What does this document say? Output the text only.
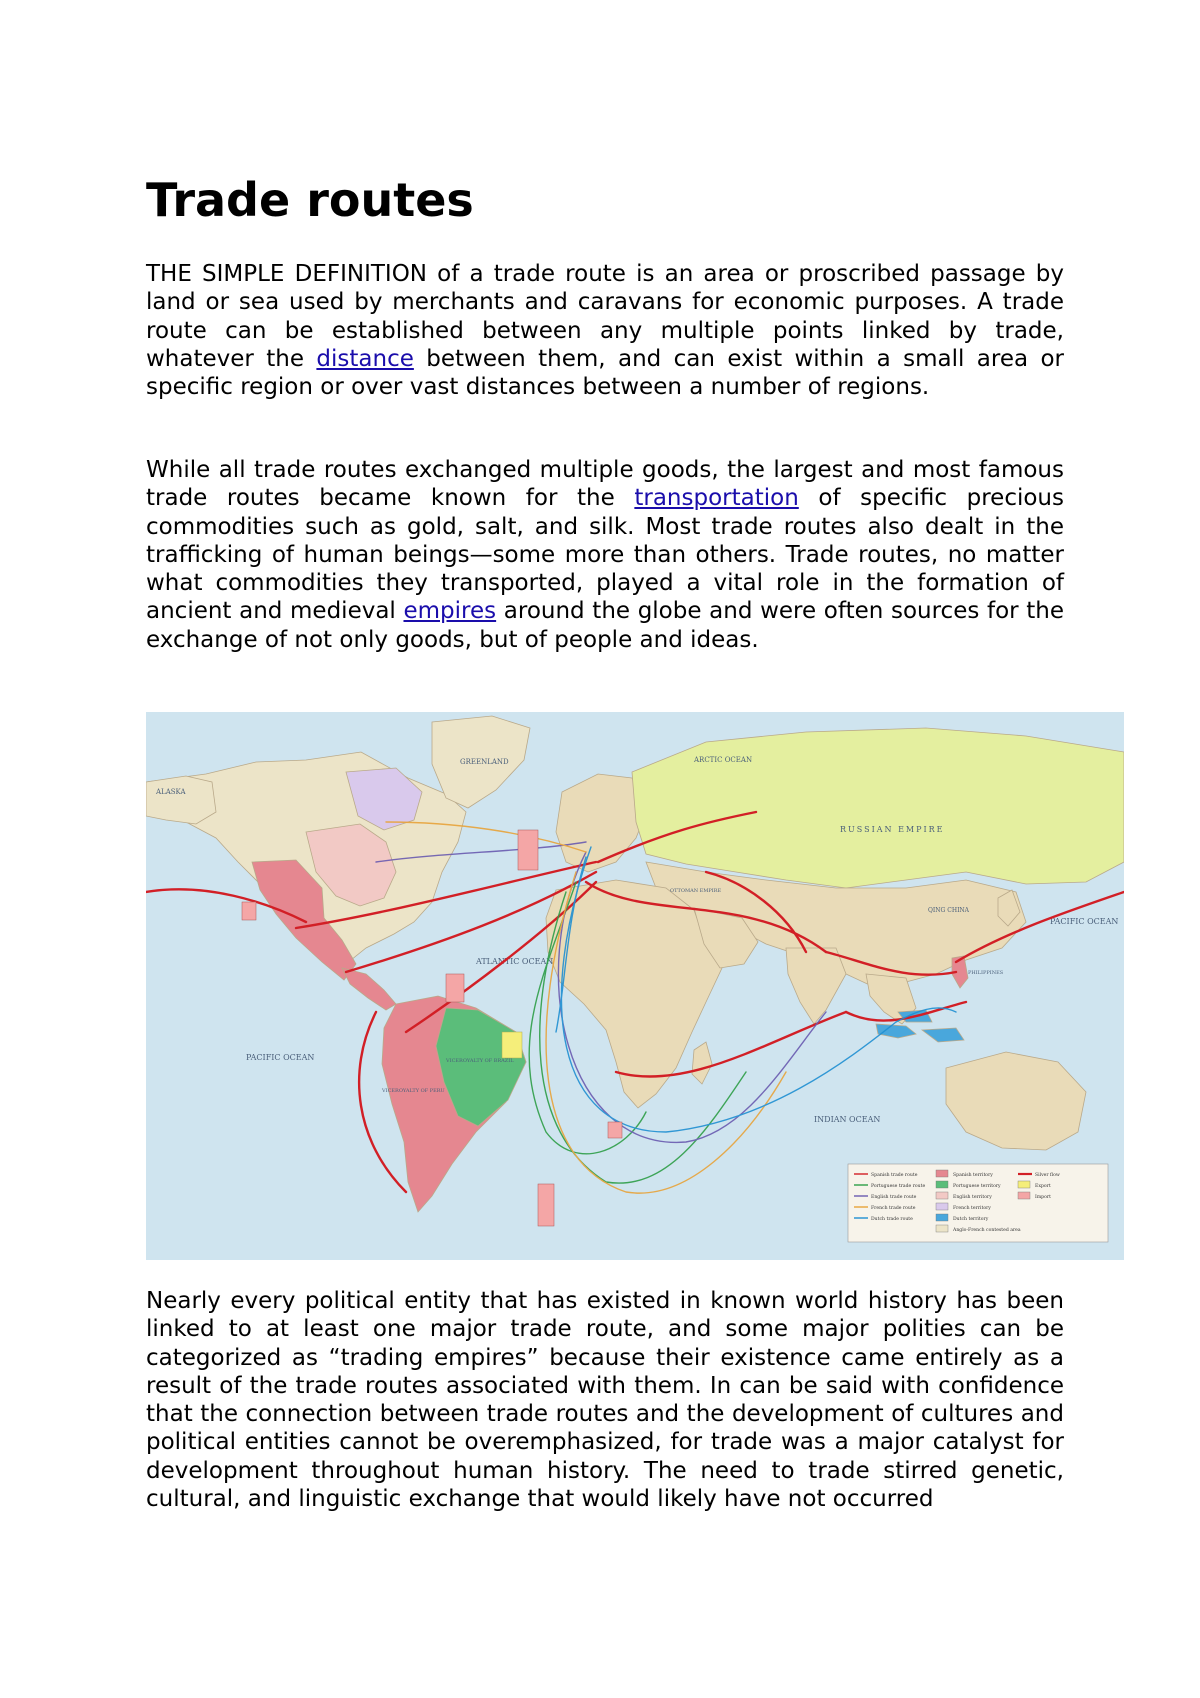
Trade routes

THE SIMPLE DEFINITION of a trade route is an area or proscribed passage by land or sea used by merchants and caravans for economic purposes. A trade route can be established between any multiple points linked by trade, whatever the distance between them, and can exist within a small area or specific region or over vast distances between a number of regions.

While all trade routes exchanged multiple goods, the largest and most famous trade routes became known for the transportation of specific precious commodities such as gold, salt, and silk. Most trade routes also dealt in the trafficking of human beings—some more than others. Trade routes, no matter what commodities they transported, played a vital role in the formation of ancient and medieval empires around the globe and were often sources for the exchange of not only goods, but of people and ideas.

ARCTIC OCEAN
GREENLAND
ALASKA
RUSSIAN EMPIRE
ATLANTIC OCEAN
PACIFIC OCEAN
PACIFIC OCEAN
INDIAN OCEAN
QING CHINA
OTTOMAN EMPIRE
VICEROYALTY OF BRAZIL
VICEROYALTY OF PERU
PHILIPPINES
Spanish trade route
Portuguese trade route
English trade route
French trade route
Dutch trade route
Spanish territory
Portuguese territory
English territory
French territory
Dutch territory
Anglo-French contested area
Silver flow
Export
Import

Nearly every political entity that has existed in known world history has been linked to at least one major trade route, and some major polities can be categorized as “trading empires” because their existence came entirely as a result of the trade routes associated with them. In can be said with confidence that the connection between trade routes and the development of cultures and political entities cannot be overemphasized, for trade was a major catalyst for development throughout human history. The need to trade stirred genetic, cultural, and linguistic exchange that would likely have not occurred
